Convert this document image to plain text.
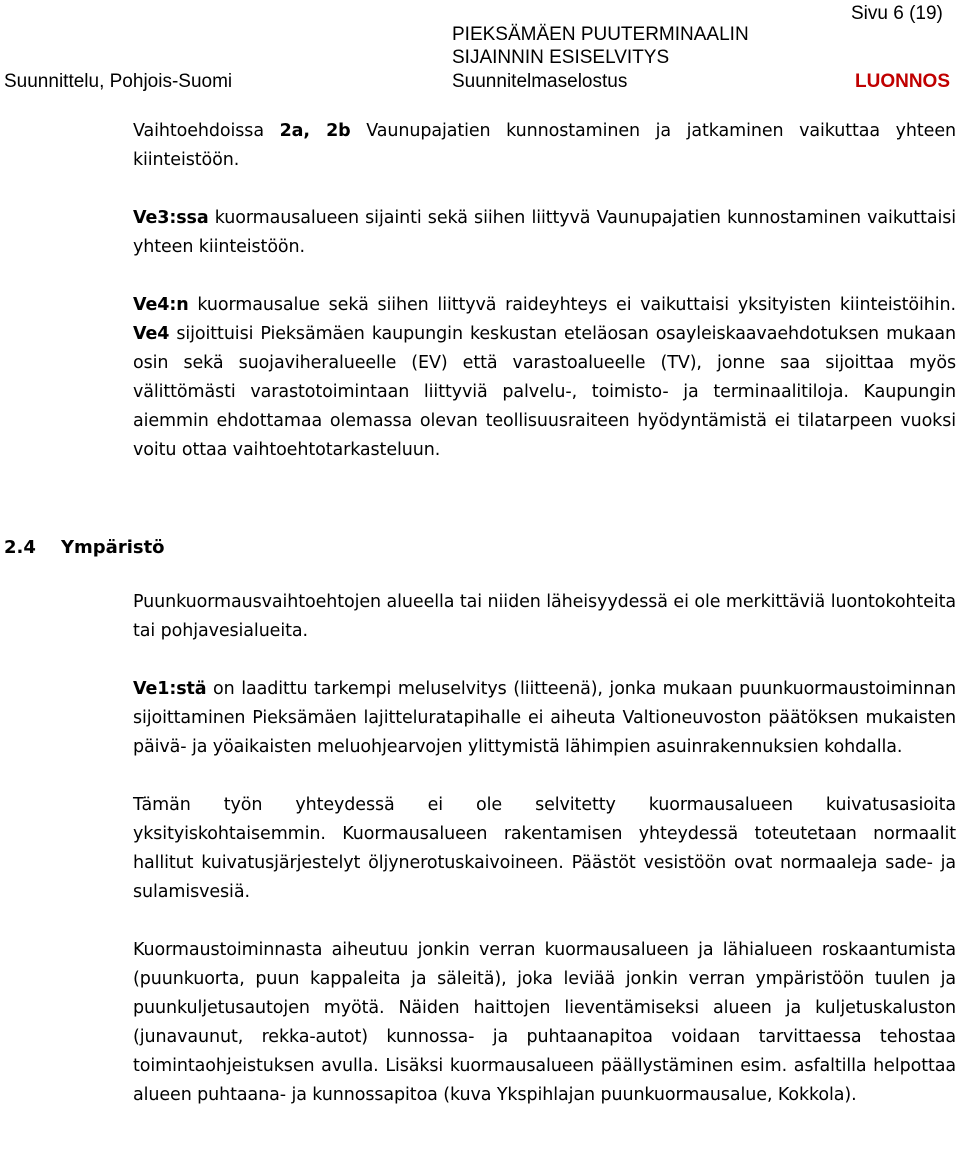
Sivu 6 (19)
PIEKSÄMÄEN PUUTERMINAALIN
SIJAINNIN ESISELVITYS
Suunnittelu, Pohjois-Suomi	Suunnitelmaselostus	LUONNOS

Vaihtoehdoissa 2a, 2b Vaunupajatien kunnostaminen ja jatkaminen vaikuttaa yhteen kiinteistöön.

Ve3:ssa kuormausalueen sijainti sekä siihen liittyvä Vaunupajatien kunnostaminen vaikuttaisi yhteen kiinteistöön.

Ve4:n kuormausalue sekä siihen liittyvä raideyhteys ei vaikuttaisi yksityisten kiinteistöihin. Ve4 sijoittuisi Pieksämäen kaupungin keskustan eteläosan osayleiskaavaehdotuksen mukaan osin sekä suojaviheralueelle (EV) että varastoalueelle (TV), jonne saa sijoittaa myös välittömästi varastotoimintaan liittyviä palvelu-, toimisto- ja terminaalitiloja. Kaupungin aiemmin ehdottamaa olemassa olevan teollisuusraiteen hyödyntämistä ei tilatarpeen vuoksi voitu ottaa vaihtoehtotarkasteluun.

2.4 Ympäristö

Puunkuormausvaihtoehtojen alueella tai niiden läheisyydessä ei ole merkittäviä luontokohteita tai pohjavesialueita.

Ve1:stä on laadittu tarkempi meluselvitys (liitteenä), jonka mukaan puunkuormaustoiminnan sijoittaminen Pieksämäen lajitteluratapihalle ei aiheuta Valtioneuvoston päätöksen mukaisten päivä- ja yöaikaisten meluohjearvojen ylittymistä lähimpien asuinrakennuksien kohdalla.

Tämän työn yhteydessä ei ole selvitetty kuormausalueen kuivatusasioita yksityiskohtaisemmin. Kuormausalueen rakentamisen yhteydessä toteutetaan normaalit hallitut kuivatusjärjestelyt öljynerotuskaivoineen. Päästöt vesistöön ovat normaaleja sade- ja sulamisvesiä.

Kuormaustoiminnasta aiheutuu jonkin verran kuormausalueen ja lähialueen roskaantumista (puunkuorta, puun kappaleita ja säleitä), joka leviää jonkin verran ympäristöön tuulen ja puunkuljetusautojen myötä. Näiden haittojen lieventämiseksi alueen ja kuljetuskaluston (junavaunut, rekka-autot) kunnossa- ja puhtaanapitoa voidaan tarvittaessa tehostaa toimintaohjeistuksen avulla. Lisäksi kuormausalueen päällystäminen esim. asfaltilla helpottaa alueen puhtaana- ja kunnossapitoa (kuva Ykspihlajan puunkuormausalue, Kokkola).
